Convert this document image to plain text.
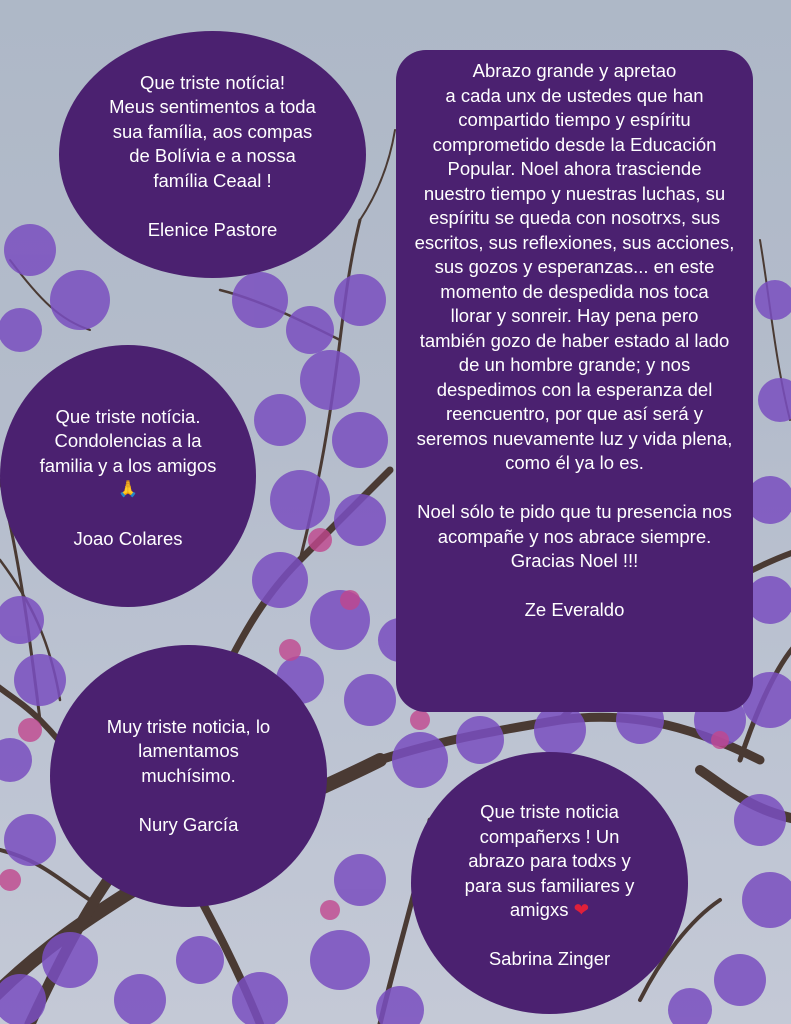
Que triste notícia!
Meus sentimentos a toda
sua família, aos compas
de Bolívia e a nossa
família Ceaal !
Elenice Pastore
Que triste notícia.
Condolencias a la
familia y a los amigos
🙏
Joao Colares
Muy triste noticia, lo
lamentamos
muchísimo.
Nury García
Abrazo grande y apretao
a cada unx de ustedes que han
compartido tiempo y espíritu
comprometido desde la Educación
Popular. Noel ahora trasciende
nuestro tiempo y nuestras luchas, su
espíritu se queda con nosotrxs, sus
escritos, sus reflexiones, sus acciones,
sus gozos y esperanzas... en este
momento de despedida nos toca
llorar y sonreir. Hay pena pero
también gozo de haber estado al lado
de un hombre grande; y nos
despedimos con la esperanza del
reencuentro, por que así será y
seremos nuevamente luz y vida plena,
como él ya lo es.
Noel sólo te pido que tu presencia nos
acompañe y nos abrace siempre.
Gracias Noel !!!
Ze Everaldo
Que triste noticia
compañerxs ! Un
abrazo para todxs y
para sus familiares y
amigxs ❤
Sabrina Zinger
